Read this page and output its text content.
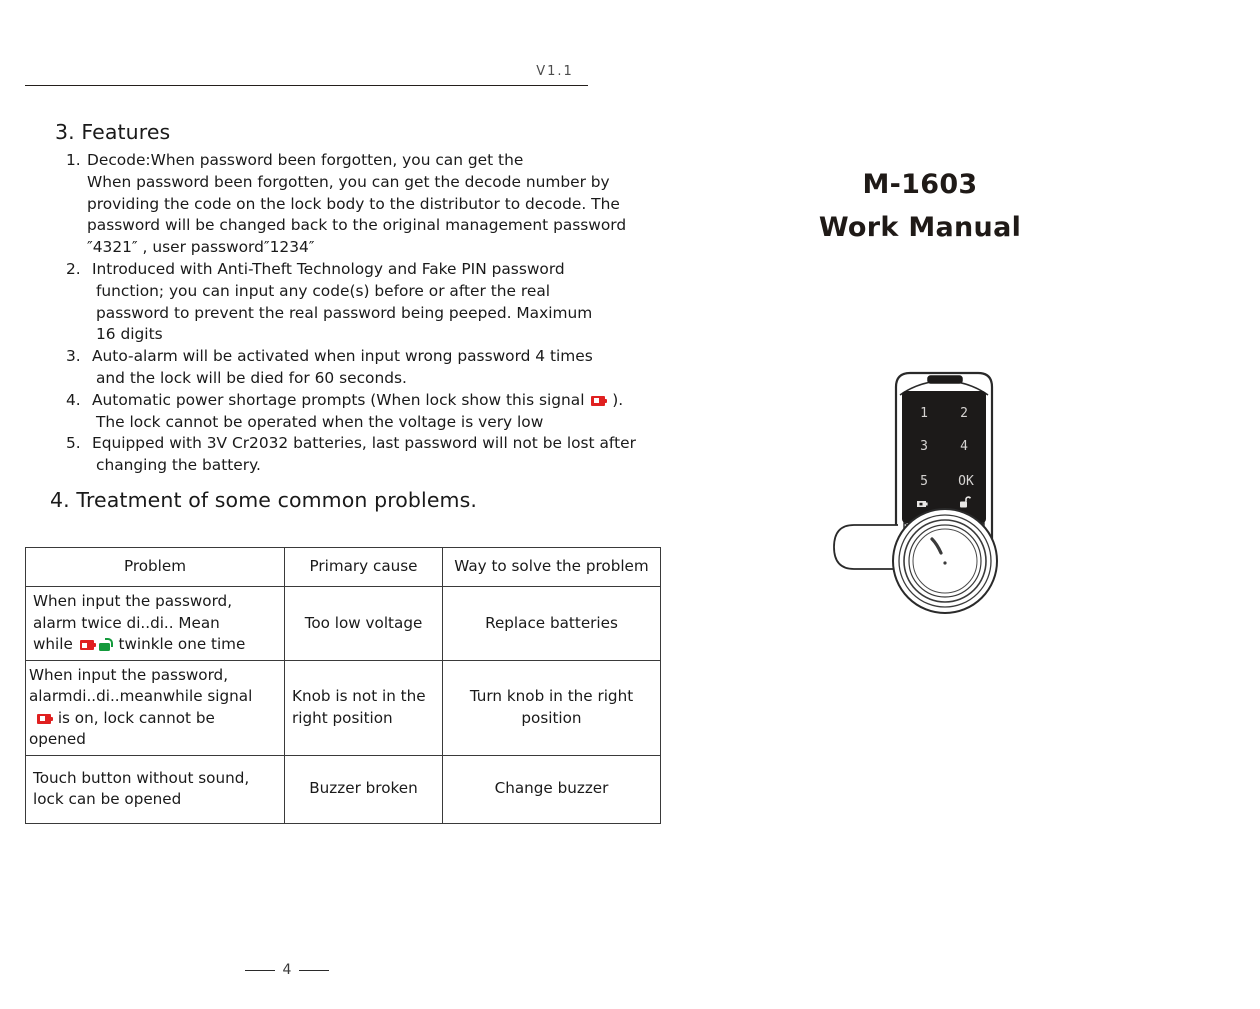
V1.1
3. Features
1. Decode:When password been forgotten, you can get the
When password been forgotten, you can get the decode number by
providing the code on the lock body to the distributor to decode. The
password will be changed back to the original management password
″4321″ , user password″1234″
2. Introduced with Anti-Theft Technology and Fake PIN password
function; you can input any code(s) before or after the real
password to prevent the real password being peeped. Maximum
16 digits
3. Auto-alarm will be activated when input wrong password 4 times
and the lock will be died for 60 seconds.
4. Automatic power shortage prompts (When lock show this signal  ).
The lock cannot be operated when the voltage is very low
5. Equipped with 3V Cr2032 batteries, last password will not be lost after
changing the battery.
4. Treatment of some common problems.
Problem	Primary cause	Way to solve the problem
When input the password,
alarm twice di..di.. Mean
while  twinkle one time	Too low voltage	Replace batteries
When input the password,
alarmdi..di..meanwhile signal
is on, lock cannot be
opened	Knob is not in the right position	Turn knob in the right position
Touch button without sound,
lock can be opened	Buzzer broken	Change buzzer
M-1603
Work Manual
1 2
3 4
5 OK
4
